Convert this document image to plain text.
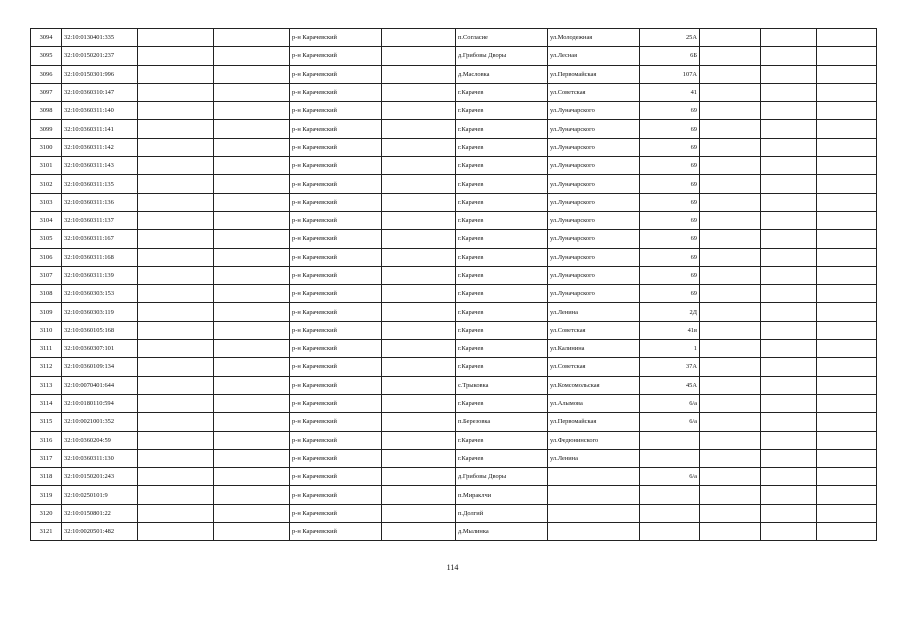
3094	32:10:0130401:335			р-н Карачевский		п.Согласие	ул.Молодежная	25А			
3095	32:10:0150201:237			р-н Карачевский		д.Грибовы Дворы	ул.Лесная	6Б			
3096	32:10:0150301:996			р-н Карачевский		д.Масловка	ул.Первомайская	107А			
3097	32:10:0360310:147			р-н Карачевский		г.Карачев	ул.Советская	41			
3098	32:10:0360311:140			р-н Карачевский		г.Карачев	ул.Луначарского	69			
3099	32:10:0360311:141			р-н Карачевский		г.Карачев	ул.Луначарского	69			
3100	32:10:0360311:142			р-н Карачевский		г.Карачев	ул.Луначарского	69			
3101	32:10:0360311:143			р-н Карачевский		г.Карачев	ул.Луначарского	69			
3102	32:10:0360311:135			р-н Карачевский		г.Карачев	ул.Луначарского	69			
3103	32:10:0360311:136			р-н Карачевский		г.Карачев	ул.Луначарского	69			
3104	32:10:0360311:137			р-н Карачевский		г.Карачев	ул.Луначарского	69			
3105	32:10:0360311:167			р-н Карачевский		г.Карачев	ул.Луначарского	69			
3106	32:10:0360311:168			р-н Карачевский		г.Карачев	ул.Луначарского	69			
3107	32:10:0360311:139			р-н Карачевский		г.Карачев	ул.Луначарского	69			
3108	32:10:0360303:153			р-н Карачевский		г.Карачев	ул.Луначарского	69			
3109	32:10:0360303:119			р-н Карачевский		г.Карачев	ул.Ленина	2Д			
3110	32:10:0360105:168			р-н Карачевский		г.Карачев	ул.Советская	41в			
3111	32:10:0360307:101			р-н Карачевский		г.Карачев	ул.Калинина	1			
3112	32:10:0360109:134			р-н Карачевский		г.Карачев	ул.Советская	37А			
3113	32:10:0070401:644			р-н Карачевский		с.Трыковка	ул.Комсомольская	45А			
3114	32:10:0180110:594			р-н Карачевский		г.Карачев	ул.Алымова	6/а			
3115	32:10:0021001:352			р-н Карачевский		п.Березовка	ул.Первомайская	6/а			
3116	32:10:0360204:59			р-н Карачевский		г.Карачев	ул.Федюнинского				
3117	32:10:0360311:130			р-н Карачевский		г.Карачев	ул.Ленина				
3118	32:10:0150201:243			р-н Карачевский		д.Грибовы Дворы		6/а			
3119	32:10:0250101:9			р-н Карачевский		п.Мираклчи					
3120	32:10:0150801:22			р-н Карачевский		п.Долгий					
3121	32:10:0020501:482			р-н Карачевский		д.Мылинка					
114
